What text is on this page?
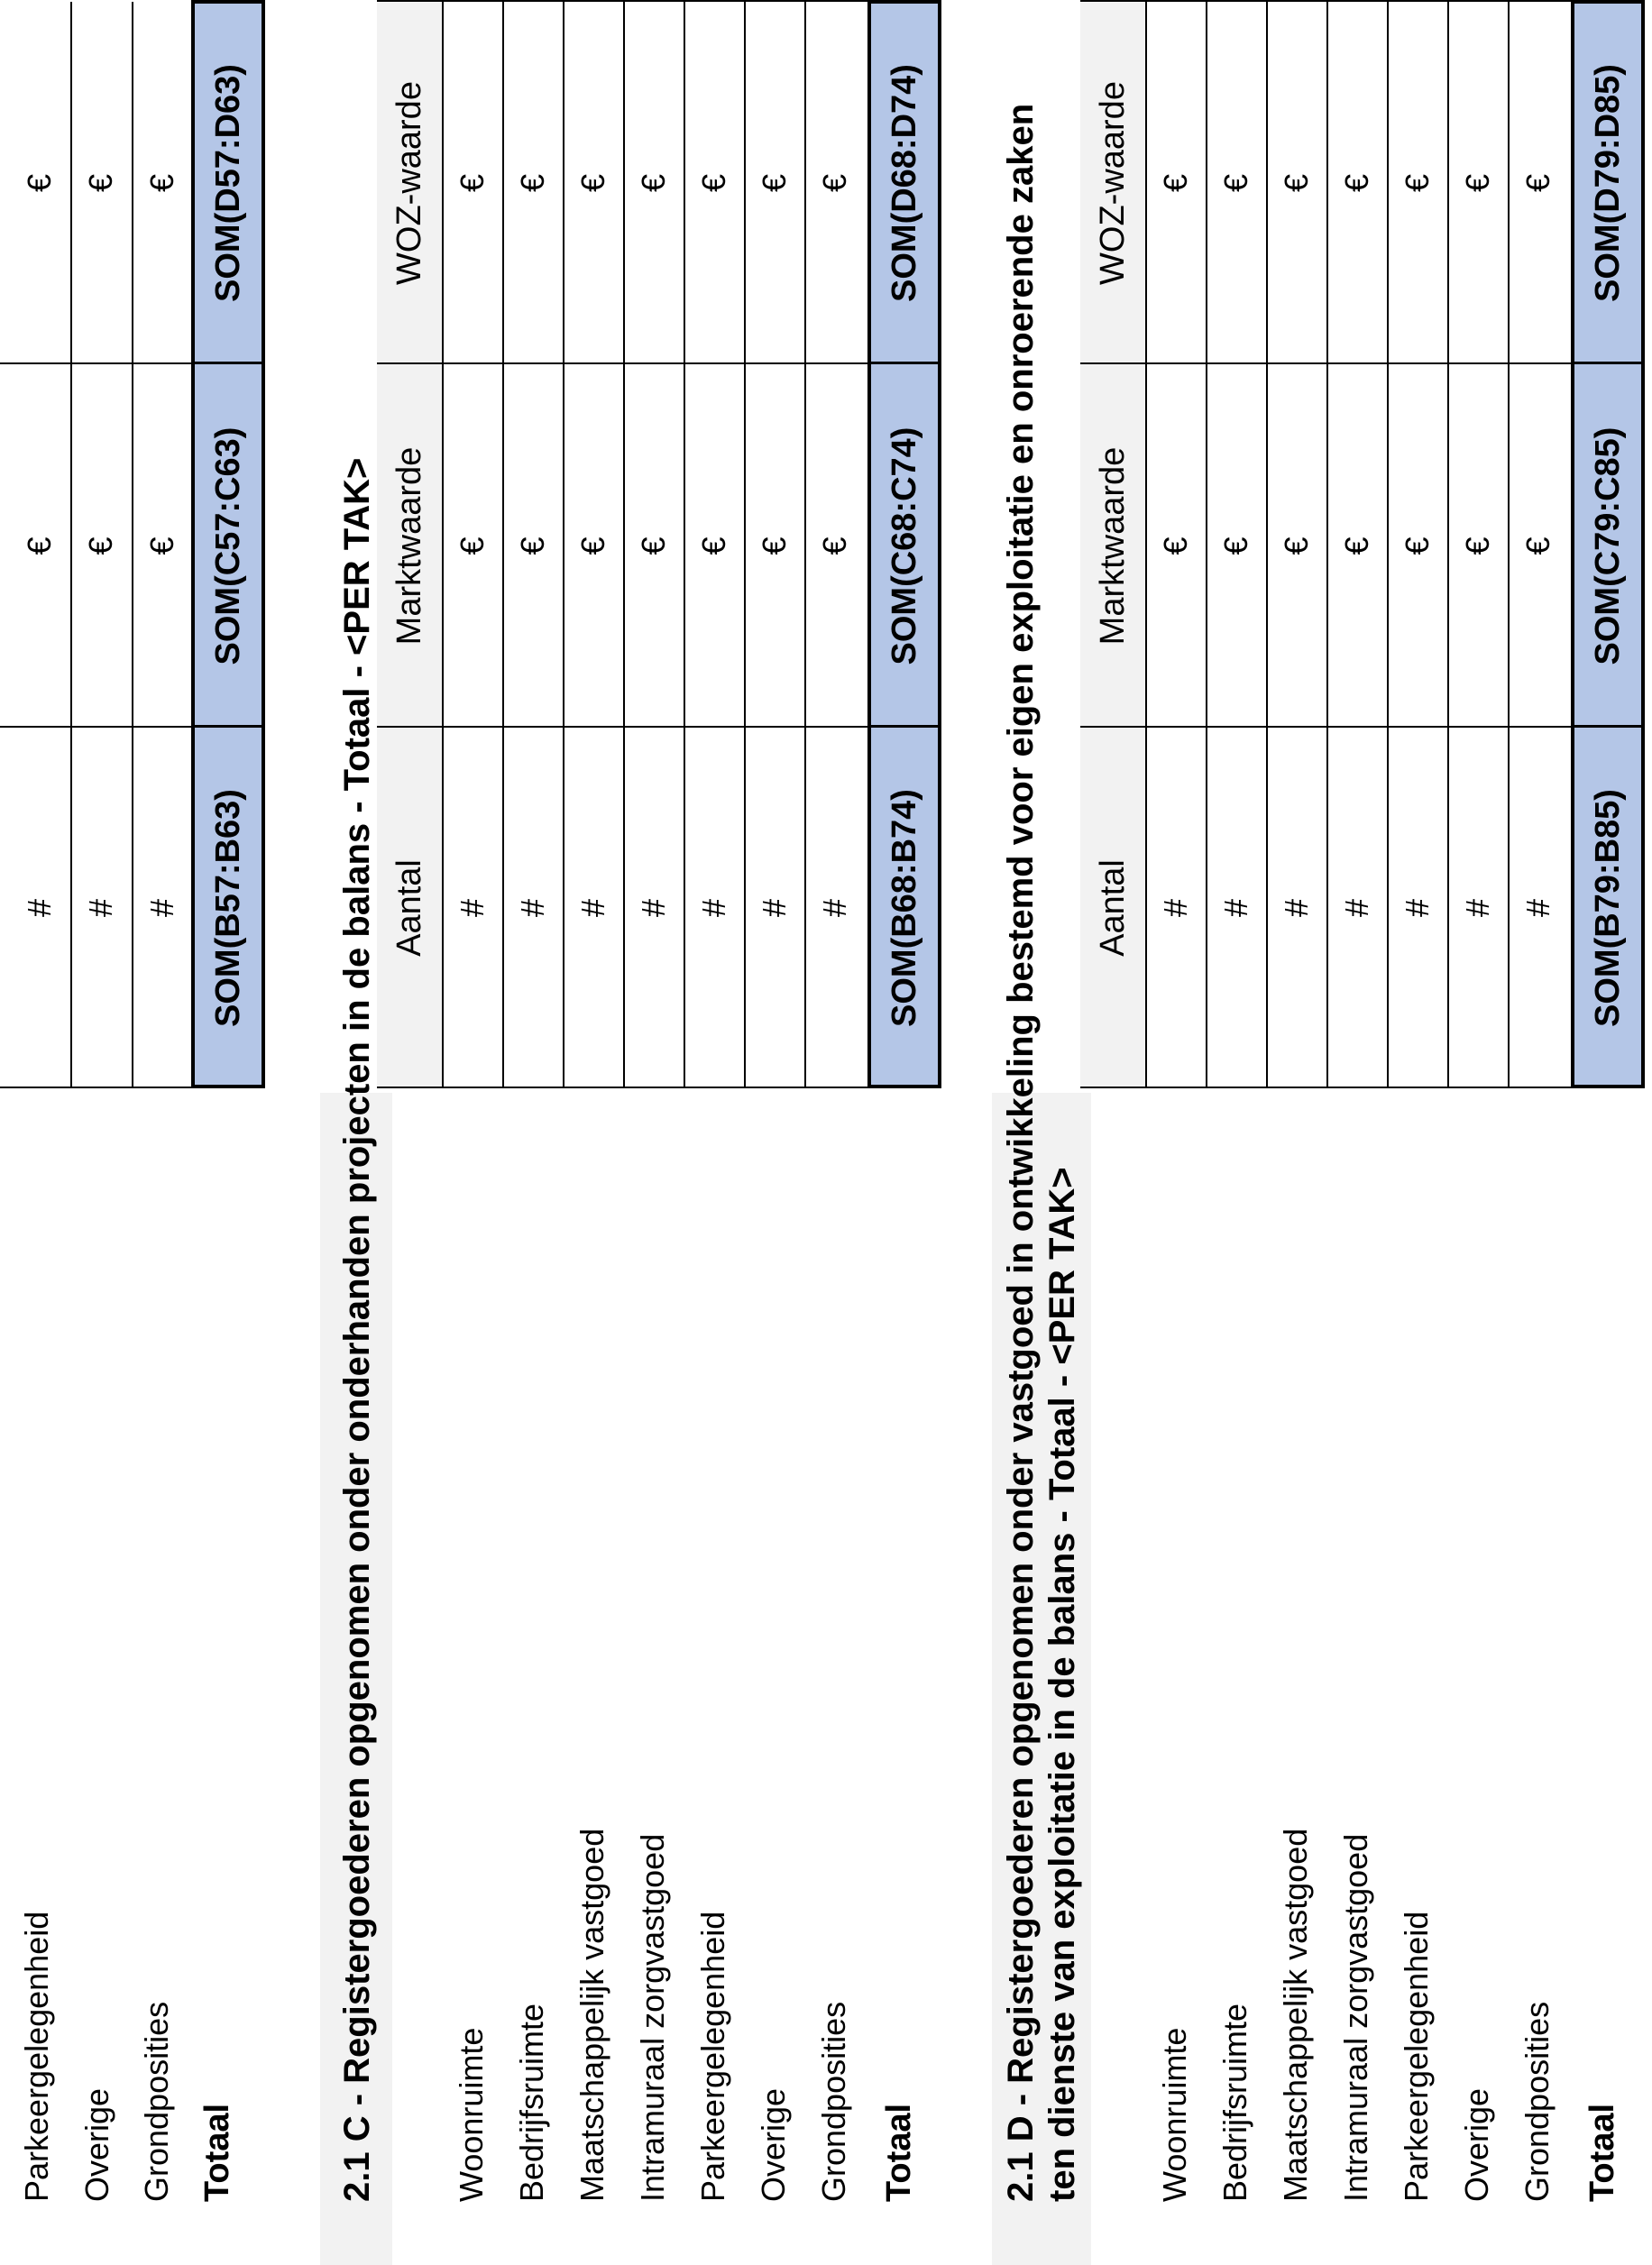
Parkeergelegenheid Overige Grondposities Totaal
#
€
€
#
€
€
#
€
€
SOM(B57:B63)
SOM(C57:C63)
SOM(D57:D63)
2.1 C - Registergoederen opgenomen onder onderhanden projecten in de balans - Totaal - <PER TAK> Aantal
Marktwaarde
WOZ-waarde
Woonruimte Bedrijfsruimte Maatschappelijk vastgoed Intramuraal zorgvastgoed Parkeergelegenheid Overige Grondposities Totaal
#
€
€
#
€
€
#
€
€
#
€
€
#
€
€
#
€
€
#
€
€
SOM(B68:B74)
SOM(C68:C74)
SOM(D68:D74)	2.1 D - Registergoederen opgenomen onder vastgoed in ontwikkeling bestemd voor eigen exploitatie en onroerende zaken ten dienste van exploitatie in de balans - Totaal - <PER TAK>
Aantal
Marktwaarde
WOZ-waarde
Woonruimte Bedrijfsruimte Maatschappelijk vastgoed Intramuraal zorgvastgoed Parkeergelegenheid Overige Grondposities Totaal
#
€
€
#
€
€
#
€
€
#
€
€
#
€
€
#
€
€
#
€
€
SOM(B79:B85)
SOM(C79:C85)
SOM(D79:D85)
